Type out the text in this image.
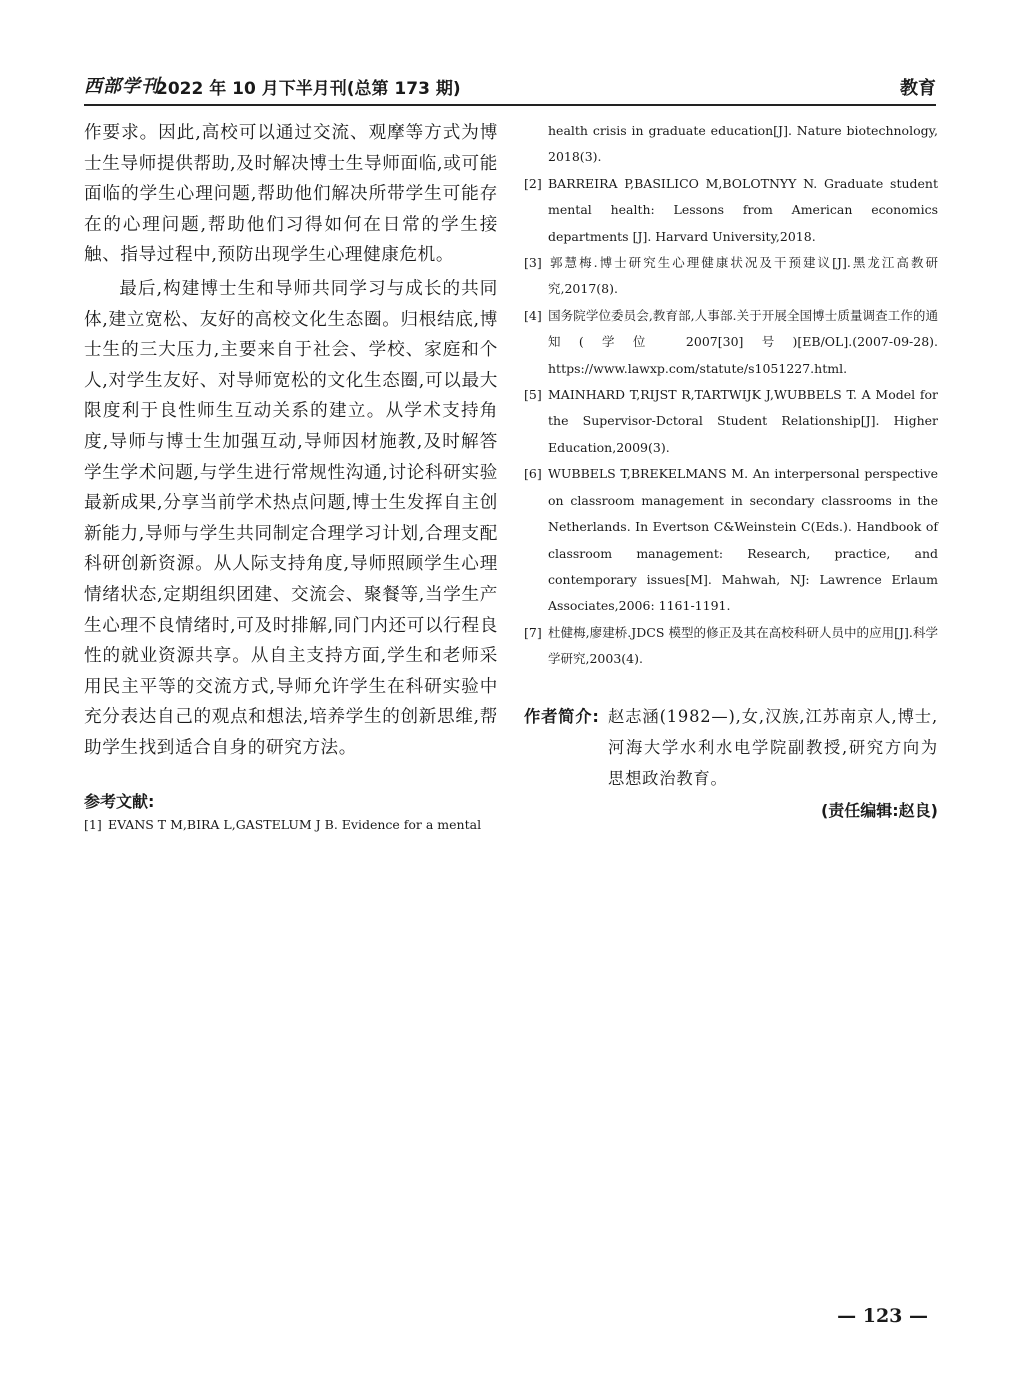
西部学刊
2022 年 10 月下半月刊(总第 173 期)	教育

作要求。因此,高校可以通过交流、观摩等方式为博士生导师提供帮助,及时解决博士生导师面临,或可能面临的学生心理问题,帮助他们解决所带学生可能存在的心理问题,帮助他们习得如何在日常的学生接触、指导过程中,预防出现学生心理健康危机。

最后,构建博士生和导师共同学习与成长的共同体,建立宽松、友好的高校文化生态圈。归根结底,博士生的三大压力,主要来自于社会、学校、家庭和个人,对学生友好、对导师宽松的文化生态圈,可以最大限度利于良性师生互动关系的建立。从学术支持角度,导师与博士生加强互动,导师因材施教,及时解答学生学术问题,与学生进行常规性沟通,讨论科研实验最新成果,分享当前学术热点问题,博士生发挥自主创新能力,导师与学生共同制定合理学习计划,合理支配科研创新资源。从人际支持角度,导师照顾学生心理情绪状态,定期组织团建、交流会、聚餐等,当学生产生心理不良情绪时,可及时排解,同门内还可以行程良性的就业资源共享。从自主支持方面,学生和老师采用民主平等的交流方式,导师允许学生在科研实验中充分表达自己的观点和想法,培养学生的创新思维,帮助学生找到适合自身的研究方法。

参考文献:
[1] EVANS T M,BIRA L,GASTELUM J B. Evidence for a mental
health crisis in graduate education[J]. Nature biotechnology, 2018(3).
[2] BARREIRA P,BASILICO M,BOLOTNYY N. Graduate student mental health: Lessons from American economics departments [J]. Harvard University,2018.
[3] 郭慧梅.博士研究生心理健康状况及干预建议[J].黑龙江高教研究,2017(8).
[4] 国务院学位委员会,教育部,人事部.关于开展全国博士质量调查工作的通知(学位 2007[30]号)[EB/OL].(2007-09-28). https://www.lawxp.com/statute/s1051227.html.
[5] MAINHARD T,RIJST R,TARTWIJK J,WUBBELS T. A Model for the Supervisor-Dctoral Student Relationship[J]. Higher Education,2009(3).
[6] WUBBELS T,BREKELMANS M. An interpersonal perspective on classroom management in secondary classrooms in the Netherlands. In Evertson C&Weinstein C(Eds.). Handbook of classroom management: Research, practice, and contemporary issues[M]. Mahwah, NJ: Lawrence Erlaum Associates,2006: 1161-1191.
[7] 杜健梅,廖建桥.JDCS 模型的修正及其在高校科研人员中的应用[J].科学学研究,2003(4).
作者简介: 赵志涵(1982—),女,汉族,江苏南京人,博士,河海大学水利水电学院副教授,研究方向为思想政治教育。
(责任编辑:赵良)
— 123 —
